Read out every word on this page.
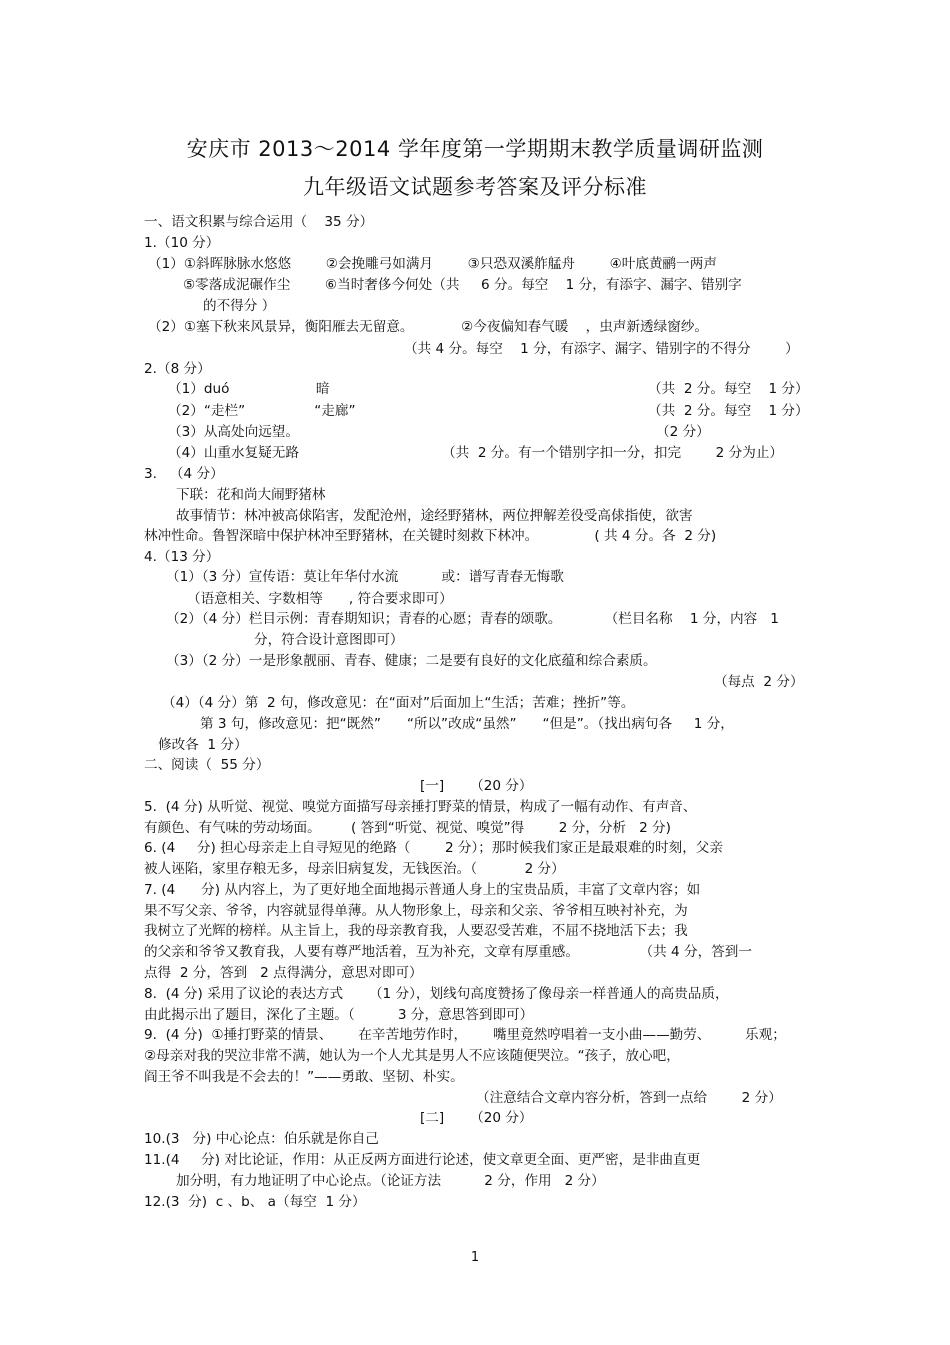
安庆市 2013～2014 学年度第一学期期末教学质量调研监测
九年级语文试题参考答案及评分标准
一、语文积累与综合运用（    35 分）
1.（10 分）
（1）①斜晖脉脉水悠悠        ②会挽雕弓如满月        ③只恐双溪舴艋舟        ④叶底黄鹂一两声
⑤零落成泥碾作尘        ⑥当时奢侈今何处（共     6 分。每空    1 分，有添字、漏字、错别字
的不得分 ）
（2）①塞下秋来风景异，衡阳雁去无留意。           ②今夜偏知春气暖    ，虫声新透绿窗纱。
（共 4 分。每空    1 分，有添字、漏字、错别字的不得分        ）
2.（8 分）
（1）duó                    暗	（共  2 分。每空    1 分）
（2）“走栏”                “走廊”	（共  2 分。每空    1 分）
（3）从高处向远望。	（2 分）
（4）山重水复疑无路	（共  2 分。有一个错别字扣一分，扣完        2 分为止）
3.   （4 分）
下联：花和尚大闹野猪林
故事情节：林冲被高俅陷害，发配沧州，途经野猪林，两位押解差役受高俅指使，欲害
林冲性命。鲁智深暗中保护林冲至野猪林，在关键时刻救下林冲。             ( 共 4 分。各  2 分)
4.（13 分）
（1）（3 分）宣传语：莫让年华付水流          或：谱写青春无悔歌
（语意相关、字数相等      , 符合要求即可）
（2）（4 分）栏目示例：青春期知识；青春的心愿；青春的颂歌。          （栏目名称    1 分，内容   1
分，符合设计意图即可）
（3）（2 分）一是形象靓丽、青春、健康；二是要有良好的文化底蕴和综合素质。
（每点  2 分）
（4）（4 分）第  2 句，修改意见：在“面对”后面加上“生活；苦难；挫折”等。
第 3 句，修改意见：把“既然”      “所以”改成“虽然”      “但是”。（找出病句各     1 分，
修改各  1 分）
二、阅读（  55 分）
[一]      （20 分）
5.  (4 分) 从听觉、视觉、嗅觉方面描写母亲捶打野菜的情景，构成了一幅有动作、有声音、
有颜色、有气味的劳动场面。       ( 答到“听觉、视觉、嗅觉”得        2 分，分析   2 分)
6. (4     分) 担心母亲走上自寻短见的绝路（        2 分）；那时候我们家正是最艰难的时刻，父亲
被人诬陷，家里存粮无多，母亲旧病复发，无钱医治。（           2 分）
7. (4      分) 从内容上，为了更好地全面地揭示普通人身上的宝贵品质，丰富了文章内容；如
果不写父亲、爷爷，内容就显得单薄。从人物形象上，母亲和父亲、爷爷相互映衬补充，为
我树立了光辉的榜样。从主旨上，我的母亲教育我，人要忍受苦难，不屈不挠地活下去；我
的父亲和爷爷又教育我，人要有尊严地活着，互为补充，文章有厚重感。              （共 4 分，答到一
点得  2 分，答到   2 点得满分，意思对即可）
8.  (4 分) 采用了议论的表达方式      （1 分），划线句高度赞扬了像母亲一样普通人的高贵品质，
由此揭示出了题目，深化了主题。（          3 分，意思答到即可）
9.  (4 分)  ①捶打野菜的情景、      在辛苦地劳作时，      嘴里竟然哼唱着一支小曲——勤劳、        乐观；
②母亲对我的哭泣非常不满，她认为一个人尤其是男人不应该随便哭泣。“孩子，放心吧，
阎王爷不叫我是不会去的！”——勇敢、坚韧、朴实。
（注意结合文章内容分析，答到一点给        2 分）
[二]      （20 分）
10.(3   分) 中心论点：伯乐就是你自己
11.(4     分) 对比论证，作用：从正反两方面进行论述，使文章更全面、更严密，是非曲直更
加分明，有力地证明了中心论点。（论证方法          2 分，作用   2 分）
12.(3  分)  c 、b、 a（每空  1 分）
1
